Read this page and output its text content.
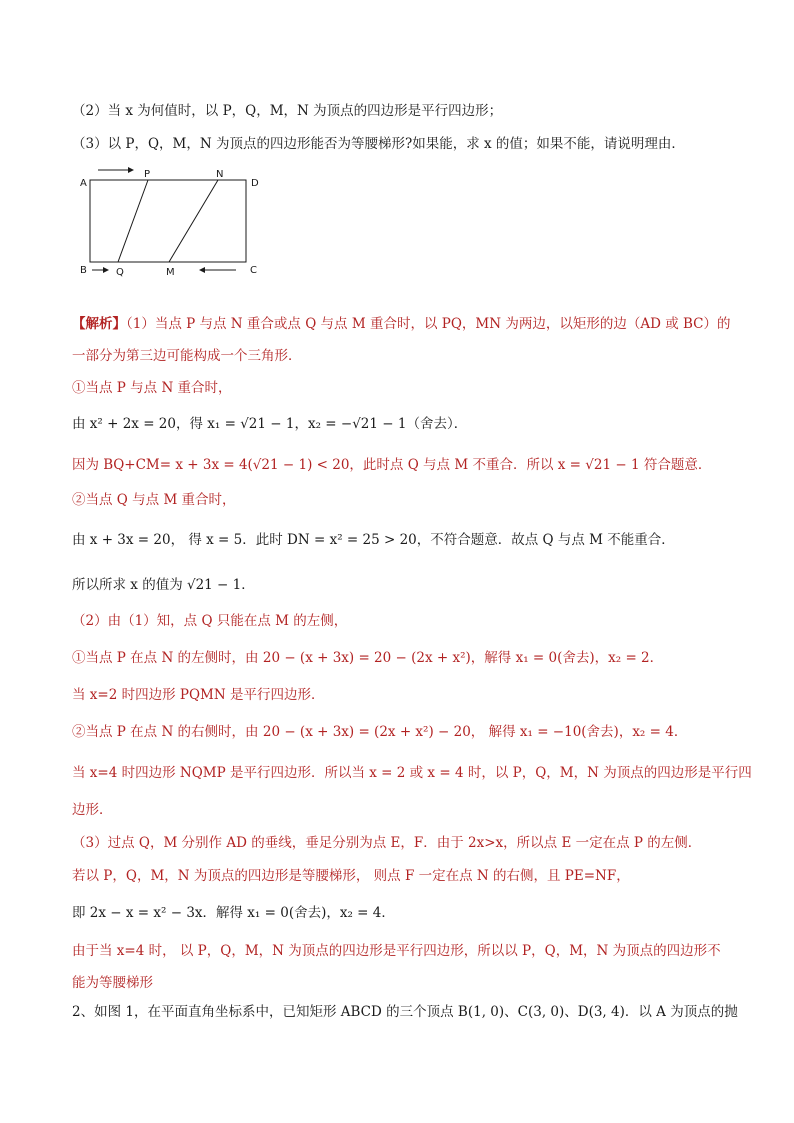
（2）当 x 为何值时，以 P，Q，M，N 为顶点的四边形是平行四边形；
（3）以 P，Q，M，N 为顶点的四边形能否为等腰梯形?如果能，求 x 的值；如果不能，请说明理由．
A
P	N
D
B	Q	M	C
【解析】（1）当点 P 与点 N 重合或点 Q 与点 M 重合时，以 PQ，MN 为两边，以矩形的边（AD 或 BC）的
一部分为第三边可能构成一个三角形．
①当点 P 与点 N 重合时，
由 x² + 2x = 20，得 x₁ = √21 − 1，x₂ = −√21 − 1（舍去）．
因为 BQ+CM= x + 3x = 4(√21 − 1) < 20，此时点 Q 与点 M 不重合．所以 x = √21 − 1 符合题意．
②当点 Q 与点 M 重合时，
由 x + 3x = 20， 得 x = 5．此时 DN = x² = 25 > 20，不符合题意．故点 Q 与点 M 不能重合．
所以所求 x 的值为 √21 − 1．
（2）由（1）知，点 Q 只能在点 M 的左侧，
①当点 P 在点 N 的左侧时，由 20 − (x + 3x) = 20 − (2x + x²)，解得 x₁ = 0(舍去)，x₂ = 2．
当 x=2 时四边形 PQMN 是平行四边形．
②当点 P 在点 N 的右侧时，由 20 − (x + 3x) = (2x + x²) − 20， 解得 x₁ = −10(舍去)，x₂ = 4．
当 x=4 时四边形 NQMP 是平行四边形．所以当 x = 2 或 x = 4 时，以 P，Q，M，N 为顶点的四边形是平行四
边形．
（3）过点 Q，M 分别作 AD 的垂线，垂足分别为点 E，F．由于 2x>x，所以点 E 一定在点 P 的左侧．
若以 P，Q，M，N 为顶点的四边形是等腰梯形， 则点 F 一定在点 N 的右侧，且 PE=NF，
即 2x − x = x² − 3x．解得 x₁ = 0(舍去)，x₂ = 4．
由于当 x=4 时， 以 P，Q，M，N 为顶点的四边形是平行四边形，所以以 P，Q，M，N 为顶点的四边形不
能为等腰梯形
2、如图 1，在平面直角坐标系中，已知矩形 ABCD 的三个顶点 B(1, 0)、C(3, 0)、D(3, 4)．以 A 为顶点的抛
